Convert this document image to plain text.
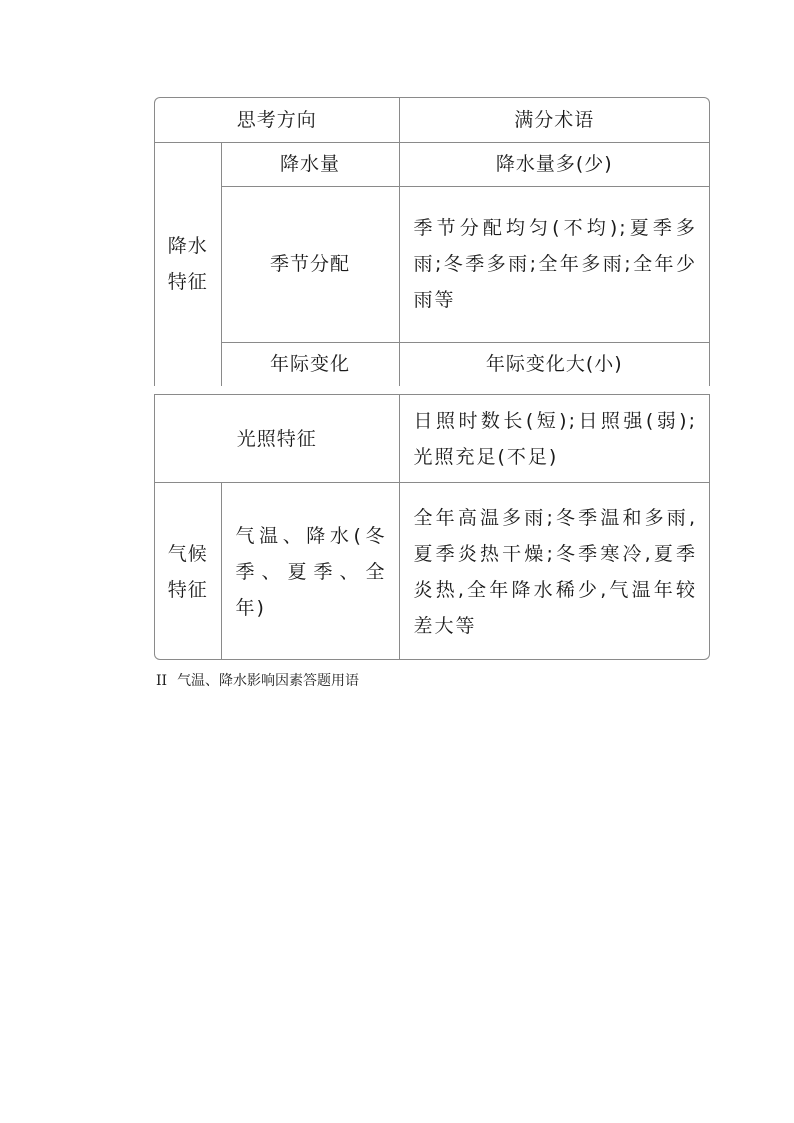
思考方向		满分术语
降水特征	降水量	降水量多(少)
	季节分配	季节分配均匀(不均);夏季多雨;冬季多雨;全年多雨;全年少雨等
	年际变化	年际变化大(小)
光照特征		日照时数长(短);日照强(弱);光照充足(不足)
气候特征	气温、降水(冬季、夏季、全年)	全年高温多雨;冬季温和多雨,夏季炎热干燥;冬季寒冷,夏季炎热,全年降水稀少,气温年较差大等
II 气温、降水影响因素答题用语
